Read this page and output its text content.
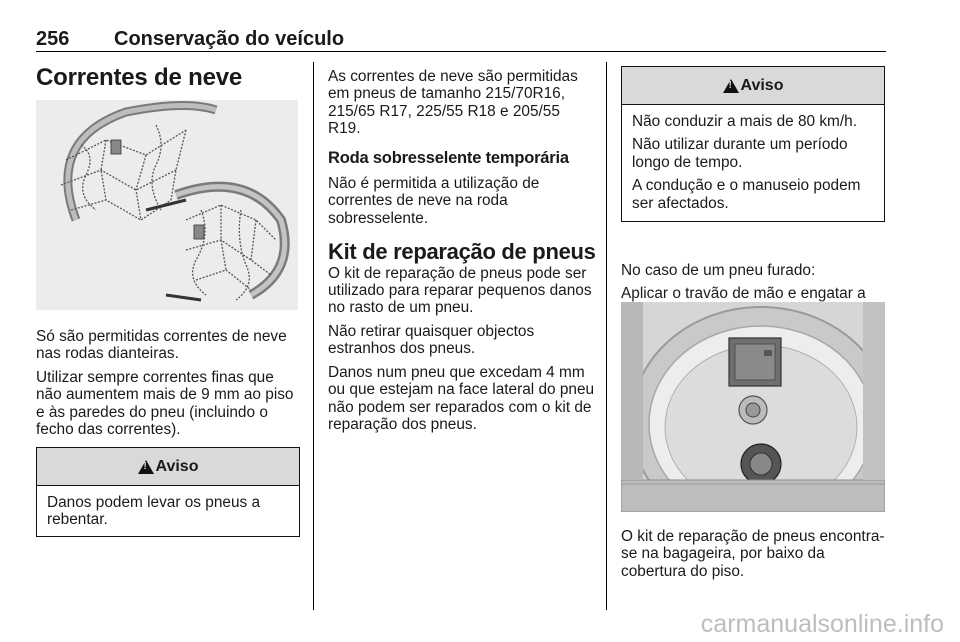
256 Conservação do veículo
Correntes de neve

Só são permitidas correntes de neve nas rodas dianteiras.

Utilizar sempre correntes finas que não aumentem mais de 9 mm ao piso e às paredes do pneu (incluindo o fecho das correntes).

!
Aviso

Danos podem levar os pneus a rebentar.

As correntes de neve são permitidas em pneus de tamanho 215/70R16, 215/65 R17, 225/55 R18 e 205/55 R19.

Roda sobresselente temporária

Não é permitida a utilização de correntes de neve na roda sobresselente.

Kit de reparação de pneus

O kit de reparação de pneus pode ser utilizado para reparar pequenos danos no rasto de um pneu.

Não retirar quaisquer objectos estranhos dos pneus.

Danos num pneu que excedam 4 mm ou que estejam na face lateral do pneu não podem ser reparados com o kit de reparação dos pneus.

!
Aviso

Não conduzir a mais de 80 km/h.

Não utilizar durante um período longo de tempo.

A condução e o manuseio podem ser afectados.

No caso de um pneu furado:

Aplicar o travão de mão e engatar a

O kit de reparação de pneus encontra-se na bagageira, por baixo da cobertura do piso.

carmanualsonline.info
